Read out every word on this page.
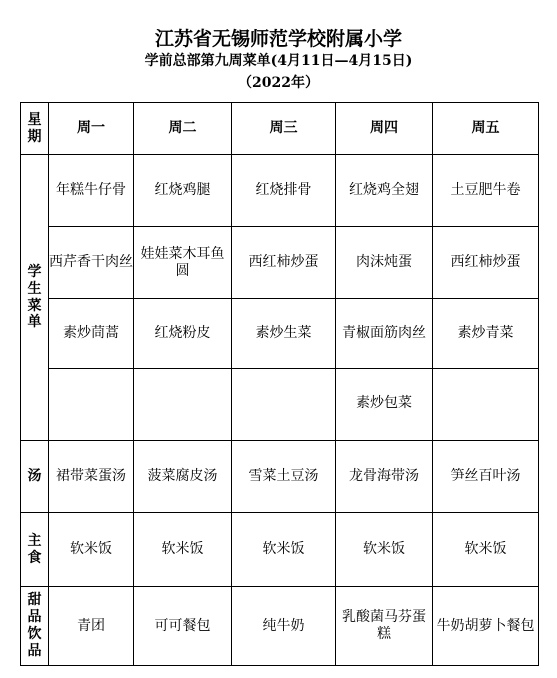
江苏省无锡师范学校附属小学
学前总部第九周菜单(4月11日—4月15日)
（2022年）
星
期	周一	周二	周三	周四	周五

学
生
菜
单	年糕牛仔骨	红烧鸡腿	红烧排骨	红烧鸡全翅	土豆肥牛卷
	西芹香干肉丝	娃娃菜木耳鱼圆	西红柿炒蛋	肉沫炖蛋	西红柿炒蛋
	素炒茼蒿	红烧粉皮	素炒生菜	青椒面筋肉丝	素炒青菜
				素炒包菜	
汤	裙带菜蛋汤	菠菜腐皮汤	雪菜土豆汤	龙骨海带汤	笋丝百叶汤

主
食	软米饭	软米饭	软米饭	软米饭	软米饭

甜
品
饮
品	青团	可可餐包	纯牛奶	乳酸菌马芬蛋糕	牛奶胡萝卜餐包
